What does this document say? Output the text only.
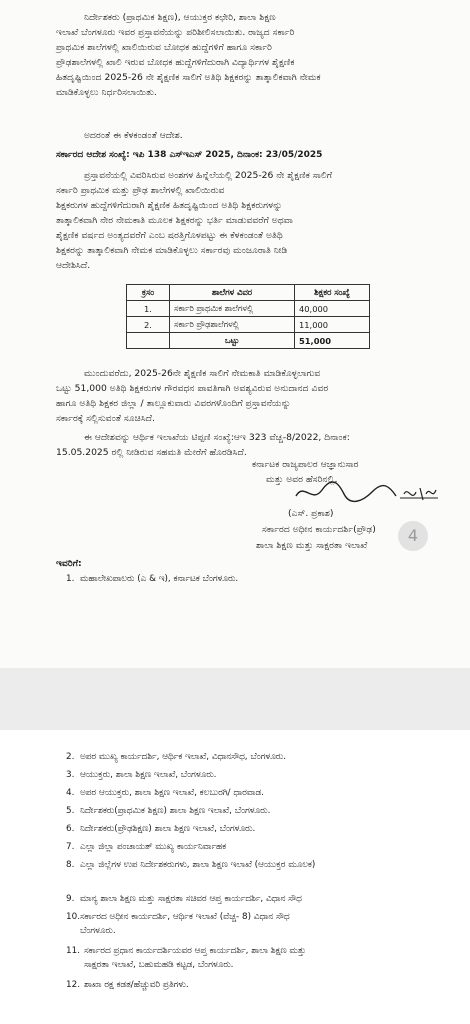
ನಿರ್ದೇಶಕರು (ಪ್ರಾಥಮಿಕ ಶಿಕ್ಷಣ), ಆಯುಕ್ತರ ಕಛೇರಿ, ಶಾಲಾ ಶಿಕ್ಷಣ
ಇಲಾಖೆ ಬೆಂಗಳೂರು ಇವರ ಪ್ರಸ್ತಾವನೆಯನ್ನು ಪರಿಶೀಲಿಸಲಾಯಿತು. ರಾಜ್ಯದ ಸರ್ಕಾರಿ
ಪ್ರಾಥಮಿಕ ಶಾಲೆಗಳಲ್ಲಿ ಖಾಲಿಯಿರುವ ಬೋಧಕ ಹುದ್ದೆಗಳಿಗೆ ಹಾಗೂ ಸರ್ಕಾರಿ
ಪ್ರೌಢಶಾಲೆಗಳಲ್ಲಿ ಖಾಲಿ ಇರುವ ಬೋಧಕ ಹುದ್ದೆಗಳಿಗೆದುರಾಗಿ ವಿದ್ಯಾರ್ಥಿಗಳ ಶೈಕ್ಷಣಿಕ
ಹಿತದೃಷ್ಟಿಯಿಂದ 2025-26 ನೇ ಶೈಕ್ಷಣಿಕ ಸಾಲಿಗೆ ಅತಿಥಿ ಶಿಕ್ಷಕರನ್ನು ತಾತ್ಕಾಲಿಕವಾಗಿ ನೇಮಕ
ಮಾಡಿಕೊಳ್ಳಲು ನಿರ್ಧರಿಸಲಾಯಿತು.
ಅದರಂತೆ ಈ ಕೆಳಕಂಡಂತೆ ಆದೇಶ.
ಸರ್ಕಾರದ ಆದೇಶ ಸಂಖ್ಯೆ: ಇಪಿ 138 ಎಸ್‌ಇಎಸ್ 2025, ದಿನಾಂಕ: 23/05/2025
ಪ್ರಸ್ತಾವನೆಯಲ್ಲಿ ವಿವರಿಸಿರುವ ಅಂಶಗಳ ಹಿನ್ನೆಲೆಯಲ್ಲಿ 2025-26 ನೇ ಶೈಕ್ಷಣಿಕ ಸಾಲಿಗೆ
ಸರ್ಕಾರಿ ಪ್ರಾಥಮಿಕ ಮತ್ತು ಪ್ರೌಢ ಶಾಲೆಗಳಲ್ಲಿ ಖಾಲಿಯಿರುವ
ಶಿಕ್ಷಕರುಗಳ ಹುದ್ದೆಗಳಿಗೆದುರಾಗಿ ಶೈಕ್ಷಣಿಕ ಹಿತದೃಷ್ಟಿಯಿಂದ ಅತಿಥಿ ಶಿಕ್ಷಕರುಗಳನ್ನು
ತಾತ್ಕಾಲಿಕವಾಗಿ ನೇರ ನೇಮಕಾತಿ ಮೂಲಕ ಶಿಕ್ಷಕರನ್ನು ಭರ್ತಿ ಮಾಡುವವರೆಗೆ ಅಥವಾ
ಶೈಕ್ಷಣಿಕ ವರ್ಷದ ಅಂತ್ಯದವರೆಗೆ ಎಂಬ ಷರತ್ತಿಗೊಳಪಟ್ಟು ಈ ಕೆಳಕಂಡಂತೆ ಅತಿಥಿ
ಶಿಕ್ಷಕರನ್ನು ತಾತ್ಕಾಲಿಕವಾಗಿ ನೇಮಕ ಮಾಡಿಕೊಳ್ಳಲು ಸರ್ಕಾರವು ಮಂಜೂರಾತಿ ನೀಡಿ
ಆದೇಶಿಸಿದೆ.
ಕ್ರಸಂ	ಶಾಲೆಗಳ ವಿವರ	ಶಿಕ್ಷಕರ ಸಂಖ್ಯೆ
1.	ಸರ್ಕಾರಿ ಪ್ರಾಥಮಿಕ ಶಾಲೆಗಳಲ್ಲಿ	40,000
2.	ಸರ್ಕಾರಿ ಪ್ರೌಢಶಾಲೆಗಳಲ್ಲಿ	11,000
	ಒಟ್ಟು	51,000
ಮುಂದುವರೆದು, 2025-26ನೇ ಶೈಕ್ಷಣಿಕ ಸಾಲಿಗೆ ನೇಮಕಾತಿ ಮಾಡಿಕೊಳ್ಳಲಾಗುವ
ಒಟ್ಟು 51,000 ಅತಿಥಿ ಶಿಕ್ಷಕರುಗಳ ಗೌರವಧನ ಪಾವತಿಗಾಗಿ ಅವಶ್ಯವಿರುವ ಅನುದಾನದ ವಿವರ
ಹಾಗೂ ಅತಿಥಿ ಶಿಕ್ಷಕರ ಜಿಲ್ಲಾ / ತಾಲ್ಲೂಕುವಾರು ವಿವರಗಳೊಂದಿಗೆ ಪ್ರಸ್ತಾವನೆಯನ್ನು
ಸರ್ಕಾರಕ್ಕೆ ಸಲ್ಲಿಸುವಂತೆ ಸೂಚಿಸಿದೆ.
ಈ ಆದೇಶವನ್ನು ಆರ್ಥಿಕ ಇಲಾಖೆಯ ಟಿಪ್ಪಣಿ ಸಂಖ್ಯೆ:ಆಇ 323 ವೆಚ್ಚ-8/2022, ದಿನಾಂಕ:
15.05.2025 ರಲ್ಲಿ ನೀಡಿರುವ ಸಹಮತಿ ಮೇರೆಗೆ ಹೊರಡಿಸಿದೆ.
ಕರ್ನಾಟಕ ರಾಜ್ಯಪಾಲರ ಆಜ್ಞಾನುಸಾರ
ಮತ್ತು ಅವರ ಹೆಸರಿನಲ್ಲಿ,
(ಎಸ್. ಪ್ರಕಾಶ)
ಸರ್ಕಾರದ ಅಧೀನ ಕಾರ್ಯದರ್ಶಿ(ಪ್ರೌಢ)
ಶಾಲಾ ಶಿಕ್ಷಣ ಮತ್ತು ಸಾಕ್ಷರತಾ ಇಲಾಖೆ
4
ಇವರಿಗೆ:
1. ಮಹಾಲೇಖಪಾಲರು (ಎ & ಇ), ಕರ್ನಾಟಕ ಬೆಂಗಳೂರು.
2. ಅಪರ ಮುಖ್ಯ ಕಾರ್ಯದರ್ಶಿ, ಆರ್ಥಿಕ ಇಲಾಖೆ, ವಿಧಾನಸೌಧ, ಬೆಂಗಳೂರು.
3. ಆಯುಕ್ತರು, ಶಾಲಾ ಶಿಕ್ಷಣ ಇಲಾಖೆ, ಬೆಂಗಳೂರು.
4. ಅಪರ ಆಯುಕ್ತರು, ಶಾಲಾ ಶಿಕ್ಷಣ ಇಲಾಖೆ, ಕಲಬುರಗಿ/ ಧಾರವಾಡ.
5. ನಿರ್ದೇಶಕರು(ಪ್ರಾಥಮಿಕ ಶಿಕ್ಷಣ) ಶಾಲಾ ಶಿಕ್ಷಣ ಇಲಾಖೆ, ಬೆಂಗಳೂರು.
6. ನಿರ್ದೇಶಕರು(ಪ್ರೌಢಶಿಕ್ಷಣ) ಶಾಲಾ ಶಿಕ್ಷಣ ಇಲಾಖೆ, ಬೆಂಗಳೂರು.
7. ಎಲ್ಲಾ ಜಿಲ್ಲಾ ಪಂಚಾಯತ್ ಮುಖ್ಯ ಕಾರ್ಯನಿರ್ವಾಹಕ
8. ಎಲ್ಲಾ ಜಿಲ್ಲೆಗಳ ಉಪ ನಿರ್ದೇಶಕರುಗಳು, ಶಾಲಾ ಶಿಕ್ಷಣ ಇಲಾಖೆ (ಆಯುಕ್ತರ ಮೂಲಕ)
9. ಮಾನ್ಯ ಶಾಲಾ ಶಿಕ್ಷಣ ಮತ್ತು ಸಾಕ್ಷರತಾ ಸಚಿವರ ಆಪ್ತ ಕಾರ್ಯದರ್ಶಿ, ವಿಧಾನ ಸೌಧ
10. ಸರ್ಕಾರದ ಅಧೀನ ಕಾರ್ಯದರ್ಶಿ, ಆರ್ಥಿಕ ಇಲಾಖೆ (ವೆಚ್ಚ- 8) ವಿಧಾನ ಸೌಧ
ಬೆಂಗಳೂರು.
11. ಸರ್ಕಾರದ ಪ್ರಧಾನ ಕಾರ್ಯದರ್ಶಿಯವರ ಆಪ್ತ ಕಾರ್ಯದರ್ಶಿ, ಶಾಲಾ ಶಿಕ್ಷಣ ಮತ್ತು
ಸಾಕ್ಷರತಾ ಇಲಾಖೆ, ಬಹುಮಹಡಿ ಕಟ್ಟಡ, ಬೆಂಗಳೂರು.
12. ಶಾಖಾ ರಕ್ಷ ಕಡತ/ಹೆಚ್ಚುವರಿ ಪ್ರತಿಗಳು.
